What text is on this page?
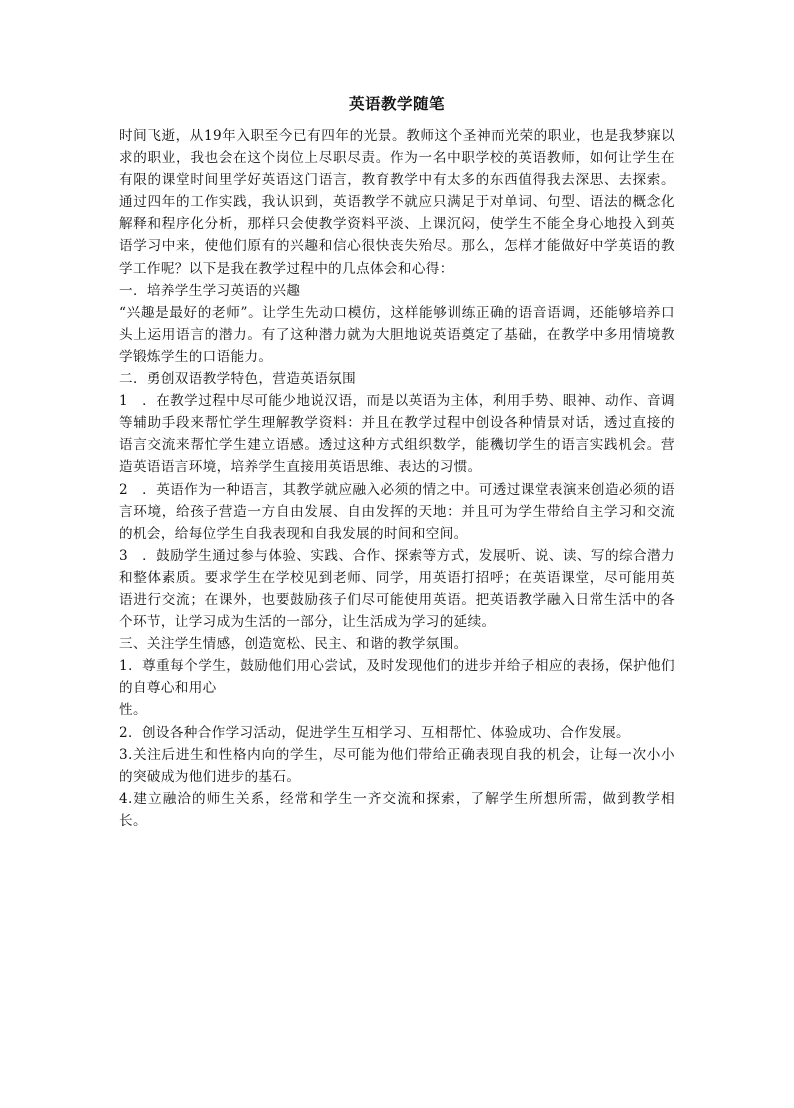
英语教学随笔

时间飞逝，从19年入职至今已有四年的光景。教师这个圣神而光荣的职业，也是我梦寐以求的职业，我也会在这个岗位上尽职尽责。作为一名中职学校的英语教师，如何让学生在有限的课堂时间里学好英语这门语言，教育教学中有太多的东西值得我去深思、去探索。通过四年的工作实践，我认识到，英语教学不就应只满足于对单词、句型、语法的概念化解释和程序化分析，那样只会使教学资料平淡、上课沉闷，使学生不能全身心地投入到英语学习中来，使他们原有的兴趣和信心很快丧失殆尽。那么，怎样才能做好中学英语的教学工作呢？以下是我在教学过程中的几点体会和心得：

一．培养学生学习英语的兴趣

“兴趣是最好的老师”。让学生先动口模仿，这样能够训练正确的语音语调，还能够培养口头上运用语言的潜力。有了这种潜力就为大胆地说英语奠定了基础，在教学中多用情境教学锻炼学生的口语能力。

二．勇创双语教学特色，营造英语氛围

1　．在教学过程中尽可能少地说汉语，而是以英语为主体，利用手势、眼神、动作、音调等辅助手段来帮忙学生理解教学资料：并且在教学过程中创设各种情景对话，透过直接的语言交流来帮忙学生建立语感。透过这种方式组织数学，能穖切学生的语言实践机会。营造英语语言环境，培养学生直接用英语思维、表达的习惯。

2　．英语作为一种语言，其教学就应融入必须的情之中。可透过课堂表演来创造必须的语言环境，给孩子营造一方自由发展、自由发挥的天地：并且可为学生带给自主学习和交流的机会，给每位学生自我表现和自我发展的时间和空间。

3　．鼓励学生通过参与体验、实践、合作、探索等方式，发展听、说、读、写的综合潜力和整体素质。要求学生在学校见到老师、同学，用英语打招呼；在英语课堂，尽可能用英语进行交流；在课外，也要鼓励孩子们尽可能使用英语。把英语教学融入日常生活中的各个环节，让学习成为生活的一部分，让生活成为学习的延续。

三、关注学生情感，创造宽松、民主、和谐的教学氛围。

1．尊重每个学生，鼓励他们用心尝试，及时发现他们的进步并给子相应的表扬，保护他们的自尊心和用心

性。

2．创设各种合作学习活动，促进学生互相学习、互相帮忙、体验成功、合作发展。

3.关注后进生和性格内向的学生，尽可能为他们带给正确表现自我的机会，让每一次小小的突破成为他们进步的基石。

4.建立融洽的师生关系，经常和学生一齐交流和探索，了解学生所想所需，做到教学相长。
